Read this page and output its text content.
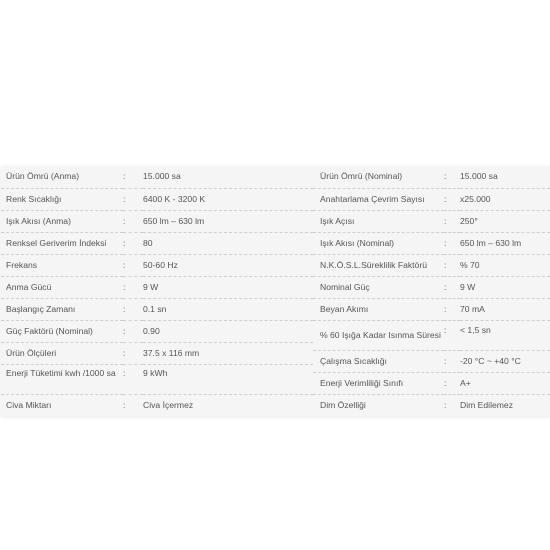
Ürün Ömrü (Anma)	:	15.000 sa
Renk Sıcaklığı	:	6400 K - 3200 K
Işık Akısı (Anma)	:	650 lm – 630 lm
Renksel Geriverim İndeksi	:	80
Frekans	:	50-60 Hz
Anma Gücü	:	9 W
Başlangıç Zamanı	:	0.1 sn
Güç Faktörü (Nominal)	:	0.90
Ürün Ölçüleri	:	37.5 x 116 mm
Enerji Tüketimi kwh /1000 sa	:	9 kWh
Civa Miktarı	:	Civa İçermez
Ürün Ömrü (Nominal)	:	15.000 sa
Anahtarlama Çevrim Sayısı	:	x25.000
Işık Açısı	:	250°
Işık Akısı (Nominal)	:	650 lm – 630 lm
N.K.Ö.S.L.Süreklilik Faktörü	:	% 70
Nominal Güç	:	9 W
Beyan Akımı	:	70 mA
% 60 Işığa Kadar Isınma Süresi	:	< 1,5 sn
Çalışma Sıcaklığı	:	-20 °C ~ +40 °C
Enerji Verimliliği Sınıfı	:	A+
Dim Özelliği	:	Dim Edilemez
